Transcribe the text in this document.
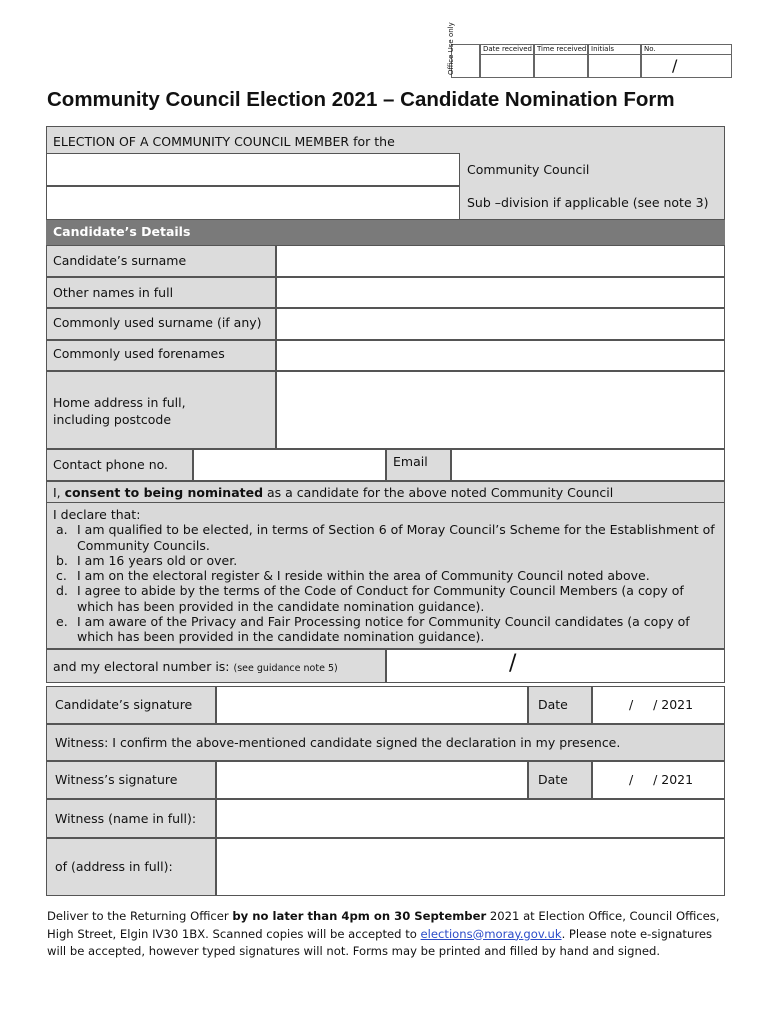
Office Use only	Date received Time received Initials	No.
/
Community Council Election 2021 – Candidate Nomination Form
ELECTION OF A COMMUNITY COUNCIL MEMBER for the
Community Council
Sub –division if applicable (see note 3)
Candidate’s Details
Candidate’s surname
Other names in full
Commonly used surname (if any)
Commonly used forenames
Home address in full,
including postcode
Contact phone no.	Email
I, consent to being nominated as a candidate for the above noted Community Council
I declare that:
a. I am qualified to be elected, in terms of Section 6 of Moray Council’s Scheme for the Establishment of Community Councils.
b. I am 16 years old or over.
c. I am on the electoral register & I reside within the area of Community Council noted above.
d. I agree to abide by the terms of the Code of Conduct for Community Council Members (a copy of which has been provided in the candidate nomination guidance).
e. I am aware of the Privacy and Fair Processing notice for Community Council candidates (a copy of which has been provided in the candidate nomination guidance).
and my electoral number is: (see guidance note 5)	/
Candidate’s signature	Date	/     / 2021
Witness: I confirm the above-mentioned candidate signed the declaration in my presence.
Witness’s signature	Date	/     / 2021
Witness (name in full):
of (address in full):
Deliver to the Returning Officer by no later than 4pm on 30 September 2021 at Election Office, Council Offices, High Street, Elgin IV30 1BX. Scanned copies will be accepted to elections@moray.gov.uk. Please note e-signatures will be accepted, however typed signatures will not. Forms may be printed and filled by hand and signed.
